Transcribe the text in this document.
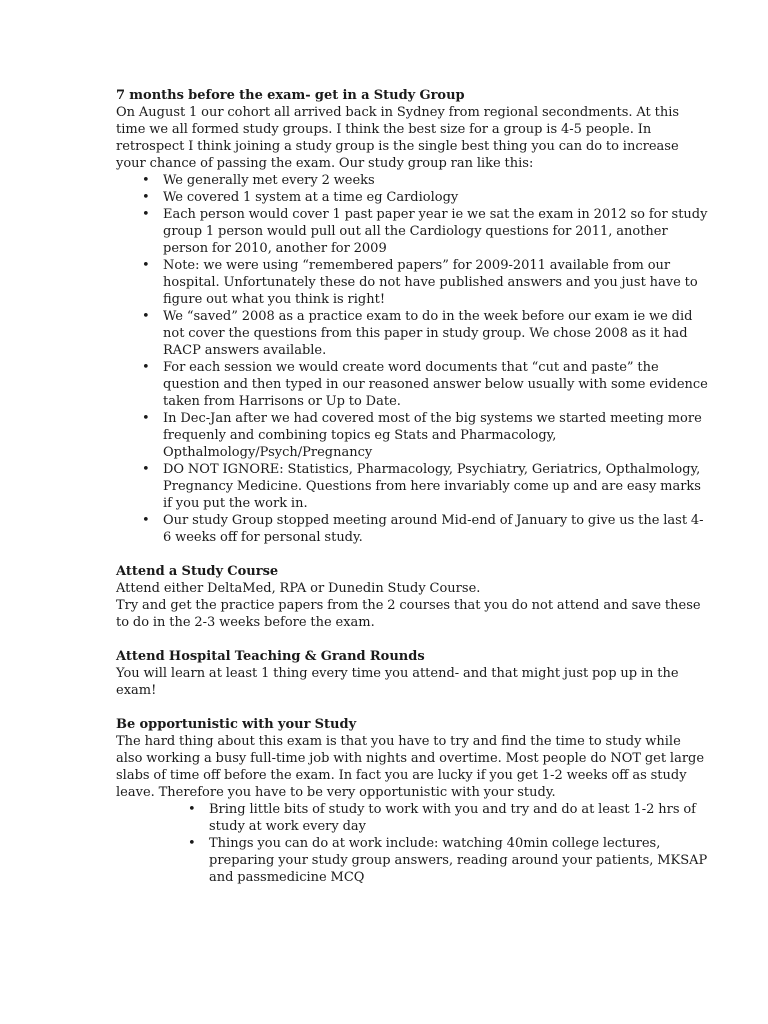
7 months before the exam- get in a Study Group

On August 1 our cohort all arrived back in Sydney from regional secondments. At this time we all formed study groups. I think the best size for a group is 4-5 people. In retrospect I think joining a study group is the single best thing you can do to increase your chance of passing the exam. Our study group ran like this:

• We generally met every 2 weeks
• We covered 1 system at a time eg Cardiology
• Each person would cover 1 past paper year ie we sat the exam in 2012 so for study group 1 person would pull out all the Cardiology questions for 2011, another person for 2010, another for 2009
• Note: we were using “remembered papers” for 2009-2011 available from our hospital. Unfortunately these do not have published answers and you just have to figure out what you think is right!
• We “saved” 2008 as a practice exam to do in the week before our exam ie we did not cover the questions from this paper in study group. We chose 2008 as it had RACP answers available.
• For each session we would create word documents that “cut and paste” the question and then typed in our reasoned answer below usually with some evidence taken from Harrisons or Up to Date.
• In Dec-Jan after we had covered most of the big systems we started meeting more frequenly and combining topics eg Stats and Pharmacology, Opthalmology/Psych/Pregnancy
• DO NOT IGNORE: Statistics, Pharmacology, Psychiatry, Geriatrics, Opthalmology, Pregnancy Medicine. Questions from here invariably come up and are easy marks if you put the work in.
• Our study Group stopped meeting around Mid-end of January to give us the last 4-6 weeks off for personal study.

Attend a Study Course

Attend either DeltaMed, RPA or Dunedin Study Course.

Try and get the practice papers from the 2 courses that you do not attend and save these to do in the 2-3 weeks before the exam.

Attend Hospital Teaching & Grand Rounds

You will learn at least 1 thing every time you attend- and that might just pop up in the exam!

Be opportunistic with your Study

The hard thing about this exam is that you have to try and find the time to study while also working a busy full-time job with nights and overtime. Most people do NOT get large slabs of time off before the exam. In fact you are lucky if you get 1-2 weeks off as study leave. Therefore you have to be very opportunistic with your study.

• Bring little bits of study to work with you and try and do at least 1-2 hrs of study at work every day
• Things you can do at work include: watching 40min college lectures, preparing your study group answers, reading around your patients, MKSAP and passmedicine MCQ
